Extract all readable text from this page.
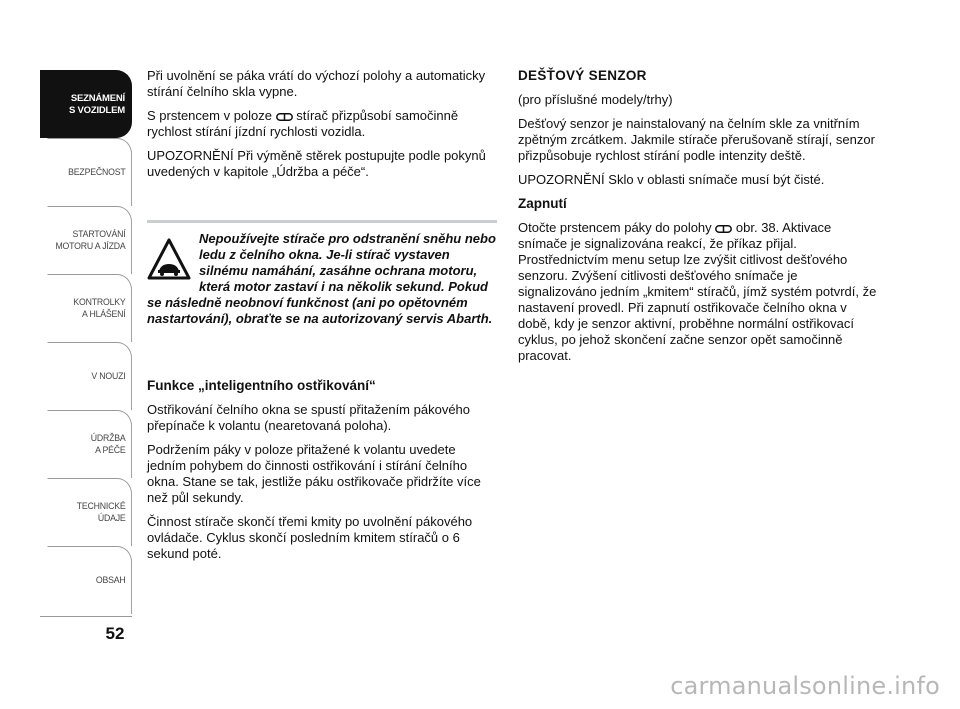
SEZNÁMENÍ
S VOZIDLEM
BEZPEČNOST
STARTOVÁNÍ
MOTORU A JÍZDA
KONTROLKY
A HLÁŠENÍ
V NOUZI
ÚDRŽBA
A PÉČE
TECHNICKÉ
ÚDAJE
OBSAH
52

Při uvolnění se páka vrátí do výchozí polohy a automaticky stírání čelního skla vypne.

S prstencem v poloze  stírač přizpůsobí samočinně rychlost stírání jízdní rychlosti vozidla.

UPOZORNĚNÍ Při výměně stěrek postupujte podle pokynů uvedených v kapitole „Údržba a péče“.

Nepoužívejte stírače pro odstranění sněhu nebo ledu z čelního okna. Je-li stírač vystaven silnému namáhání, zasáhne ochrana motoru, která motor zastaví i na několik sekund. Pokud se následně neobnoví funkčnost (ani po opětovném nastartování), obraťte se na autorizovaný servis Abarth.

Funkce „inteligentního ostřikování“

Ostřikování čelního okna se spustí přitažením pákového přepínače k volantu (nearetovaná poloha).

Podržením páky v poloze přitažené k volantu uvedete jedním pohybem do činnosti ostřikování i stírání čelního okna. Stane se tak, jestliže páku ostřikovače přidržíte více než půl sekundy.

Činnost stírače skončí třemi kmity po uvolnění pákového ovládače. Cyklus skončí posledním kmitem stíračů o 6 sekund poté.

DEŠŤOVÝ SENZOR

(pro příslušné modely/trhy)

Dešťový senzor je nainstalovaný na čelním skle za vnitřním zpětným zrcátkem. Jakmile stírače přerušovaně stírají, senzor přizpůsobuje rychlost stírání podle intenzity deště.

UPOZORNĚNÍ Sklo v oblasti snímače musí být čisté.

Zapnutí

Otočte prstencem páky do polohy  obr. 38. Aktivace snímače je signalizována reakcí, že příkaz přijal. Prostřednictvím menu setup lze zvýšit citlivost dešťového senzoru. Zvýšení citlivosti dešťového snímače je signalizováno jedním „kmitem“ stíračů, jímž systém potvrdí, že nastavení provedl. Při zapnutí ostřikovače čelního okna v době, kdy je senzor aktivní, proběhne normální ostřikovací cyklus, po jehož skončení začne senzor opět samočinně pracovat.

carmanualsonline.info
